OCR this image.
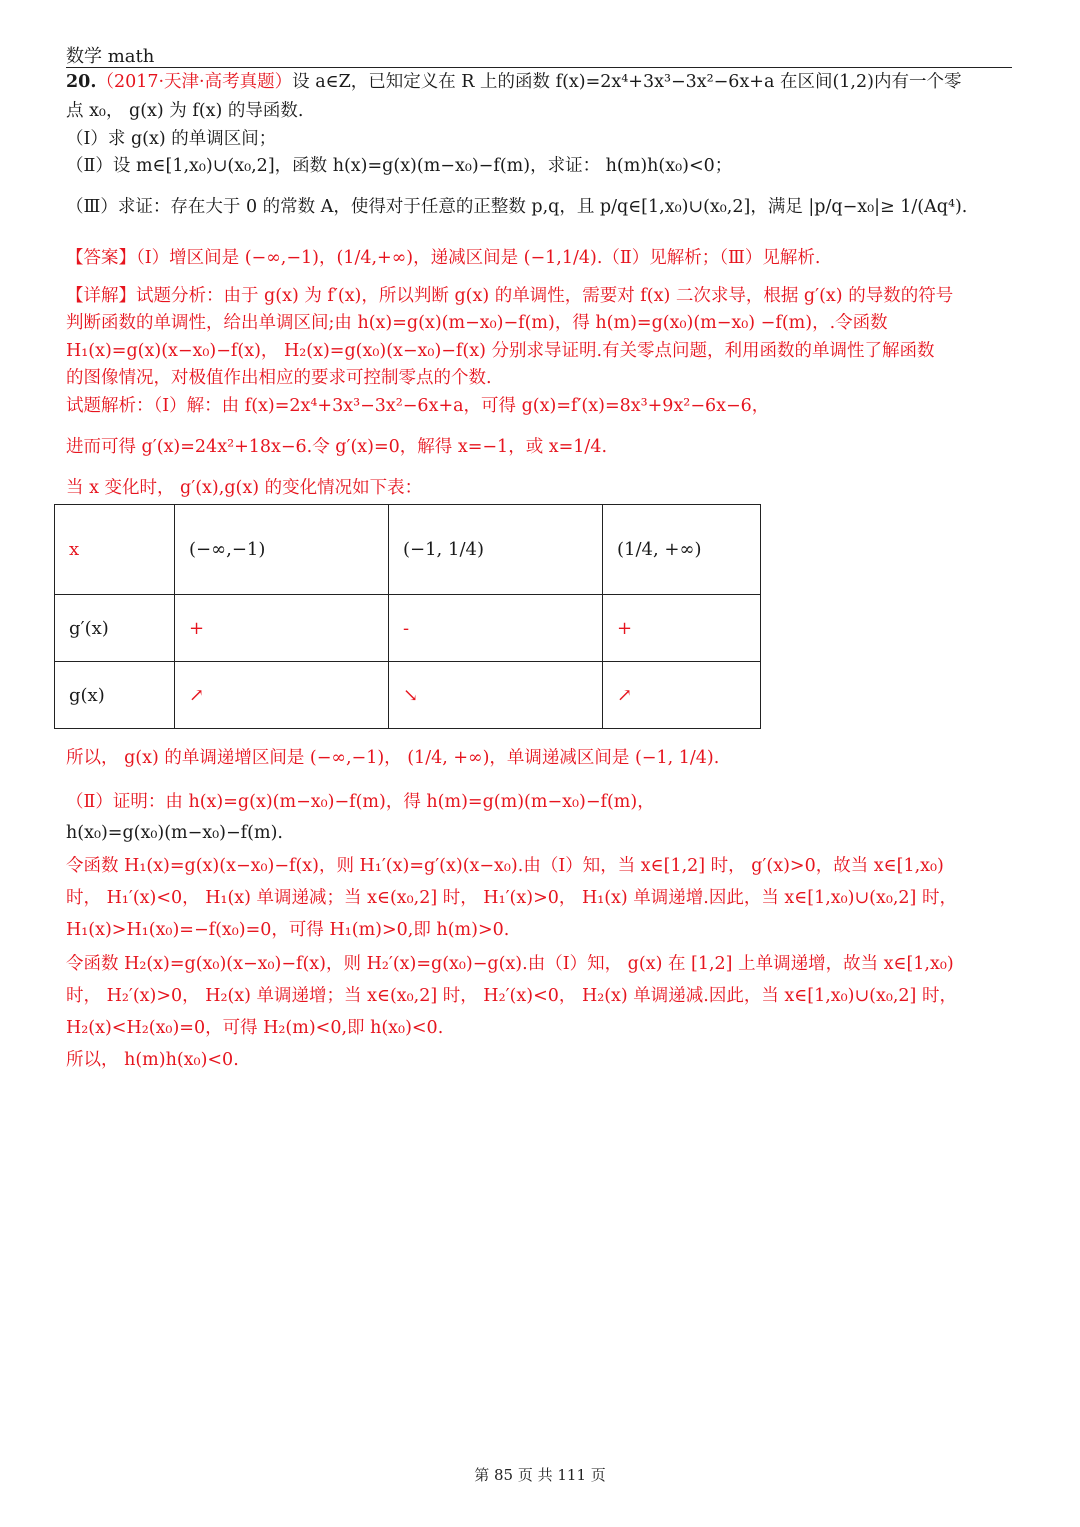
数学 math
20.（2017·天津·高考真题）设 a∈Z，已知定义在 R 上的函数 f(x)=2x⁴+3x³−3x²−6x+a 在区间(1,2)内有一个零
点 x₀， g(x) 为 f(x) 的导函数.
（Ⅰ）求 g(x) 的单调区间；
（Ⅱ）设 m∈[1,x₀)∪(x₀,2]，函数 h(x)=g(x)(m−x₀)−f(m)，求证： h(m)h(x₀)<0；
（Ⅲ）求证：存在大于 0 的常数 A，使得对于任意的正整数 p,q，且 p/q∈[1,x₀)∪(x₀,2]，满足 |p/q−x₀|≥ 1/(Aq⁴).
【答案】（Ⅰ）增区间是 (−∞,−1)，(1/4,+∞)，递减区间是 (−1,1/4).（Ⅱ）见解析；（Ⅲ）见解析.
【详解】试题分析：由于 g(x) 为 f′(x)，所以判断 g(x) 的单调性，需要对 f(x) 二次求导，根据 g′(x) 的导数的符号
判断函数的单调性，给出单调区间;由 h(x)=g(x)(m−x₀)−f(m)，得 h(m)=g(x₀)(m−x₀) −f(m)，.令函数
H₁(x)=g(x)(x−x₀)−f(x)， H₂(x)=g(x₀)(x−x₀)−f(x) 分别求导证明.有关零点问题，利用函数的单调性了解函数
的图像情况，对极值作出相应的要求可控制零点的个数.
试题解析：（Ⅰ）解：由 f(x)=2x⁴+3x³−3x²−6x+a，可得 g(x)=f′(x)=8x³+9x²−6x−6，
进而可得 g′(x)=24x²+18x−6.令 g′(x)=0，解得 x=−1，或 x=1/4.
当 x 变化时， g′(x),g(x) 的变化情况如下表：
x	(−∞,−1)	(−1, 1/4)	(1/4, +∞)
g′(x)	+	-	+
g(x)	↗	↘	↗
所以， g(x) 的单调递增区间是 (−∞,−1)， (1/4, +∞)，单调递减区间是 (−1, 1/4).
（Ⅱ）证明：由 h(x)=g(x)(m−x₀)−f(m)，得 h(m)=g(m)(m−x₀)−f(m)，
h(x₀)=g(x₀)(m−x₀)−f(m).
令函数 H₁(x)=g(x)(x−x₀)−f(x)，则 H₁′(x)=g′(x)(x−x₀).由（Ⅰ）知，当 x∈[1,2] 时， g′(x)>0，故当 x∈[1,x₀)
时， H₁′(x)<0， H₁(x) 单调递减；当 x∈(x₀,2] 时， H₁′(x)>0， H₁(x) 单调递增.因此，当 x∈[1,x₀)∪(x₀,2] 时，
H₁(x)>H₁(x₀)=−f(x₀)=0，可得 H₁(m)>0,即 h(m)>0.
令函数 H₂(x)=g(x₀)(x−x₀)−f(x)，则 H₂′(x)=g(x₀)−g(x).由（Ⅰ）知， g(x) 在 [1,2] 上单调递增，故当 x∈[1,x₀)
时， H₂′(x)>0， H₂(x) 单调递增；当 x∈(x₀,2] 时， H₂′(x)<0， H₂(x) 单调递减.因此，当 x∈[1,x₀)∪(x₀,2] 时，
H₂(x)<H₂(x₀)=0，可得 H₂(m)<0,即 h(x₀)<0.
所以， h(m)h(x₀)<0.
第 85 页 共 111 页
